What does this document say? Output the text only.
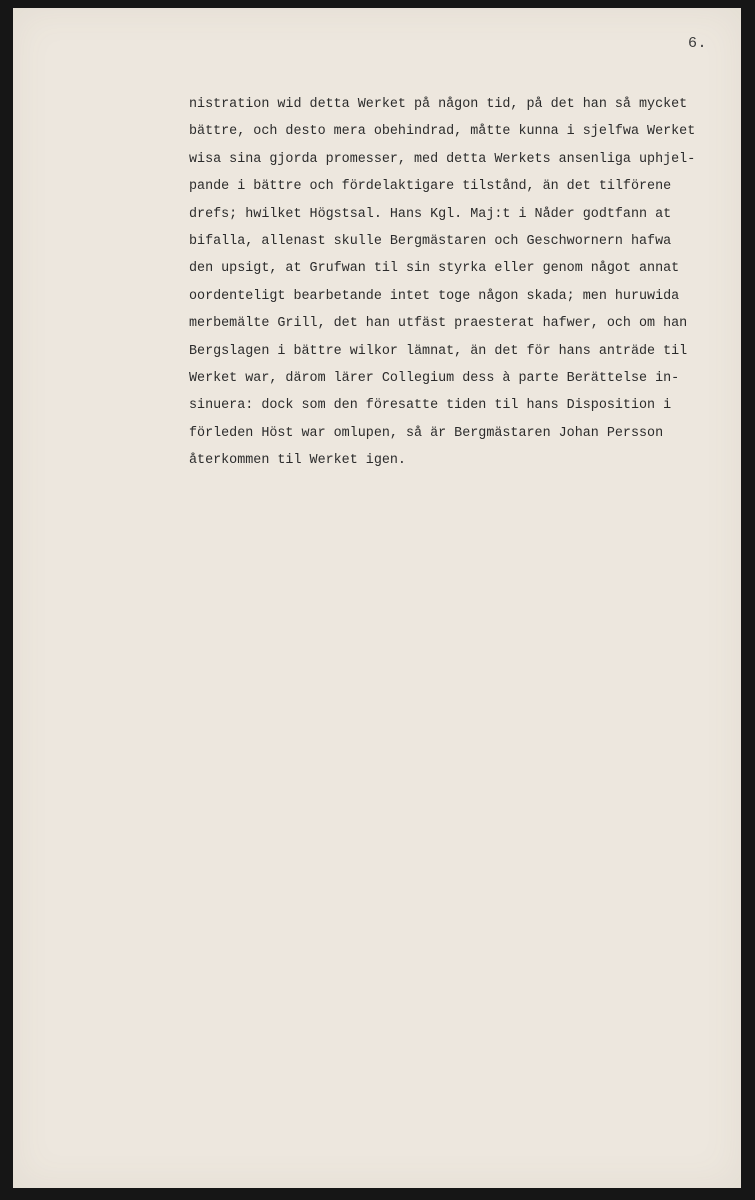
6.
nistration wid detta Werket på någon tid, på det han så mycket
bättre, och desto mera obehindrad, måtte kunna i sjelfwa Werket
wisa sina gjorda promesser, med detta Werkets ansenliga uphjel-
pande i bättre och fördelaktigare tilstånd, än det tilförene
drefs; hwilket Högstsal. Hans Kgl. Maj:t i Nåder godtfann at
bifalla, allenast skulle Bergmästaren och Geschwornern hafwa
den upsigt, at Grufwan til sin styrka eller genom något annat
oordenteligt bearbetande intet toge någon skada; men huruwida
merbemälte Grill, det han utfäst praesterat hafwer, och om han
Bergslagen i bättre wilkor lämnat, än det för hans anträde til
Werket war, därom lärer Collegium dess à parte Berättelse in-
sinuera: dock som den föresatte tiden til hans Disposition i
förleden Höst war omlupen, så är Bergmästaren Johan Persson
återkommen til Werket igen.
